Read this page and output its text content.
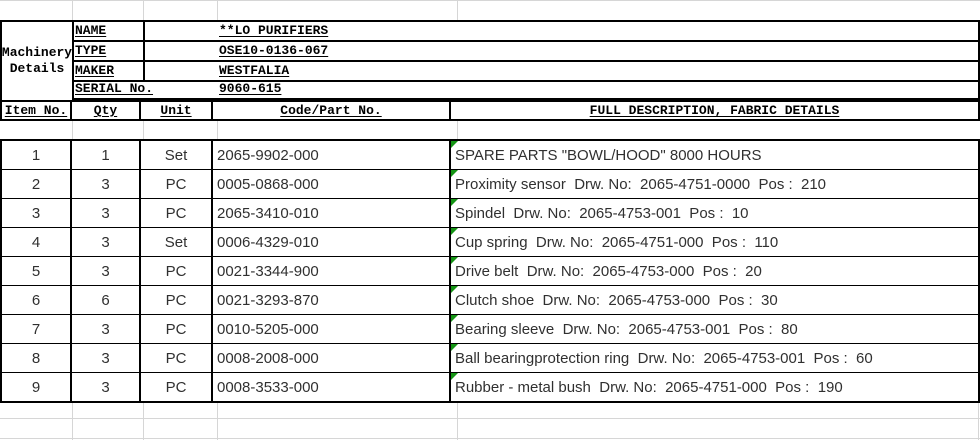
Machinery Details
NAME	**LO PURIFIERS
TYPE	OSE10-0136-067
MAKER	WESTFALIA
SERIAL No.	9060-615
Item No.	Qty	Unit	Code/Part No.	FULL DESCRIPTION, FABRIC DETAILS
1	1	Set	2065-9902-000	SPARE PARTS "BOWL/HOOD" 8000 HOURS
2	3	PC	0005-0868-000	Proximity sensor  Drw. No:  2065-4751-0000  Pos :  210
3	3	PC	2065-3410-010	Spindel  Drw. No:  2065-4753-001  Pos :  10
4	3	Set	0006-4329-010	Cup spring  Drw. No:  2065-4751-000  Pos :  110
5	3	PC	0021-3344-900	Drive belt  Drw. No:  2065-4753-000  Pos :  20
6	6	PC	0021-3293-870	Clutch shoe  Drw. No:  2065-4753-000  Pos :  30
7	3	PC	0010-5205-000	Bearing sleeve  Drw. No:  2065-4753-001  Pos :  80
8	3	PC	0008-2008-000	Ball bearingprotection ring  Drw. No:  2065-4753-001  Pos :  60
9	3	PC	0008-3533-000	Rubber - metal bush  Drw. No:  2065-4751-000  Pos :  190
